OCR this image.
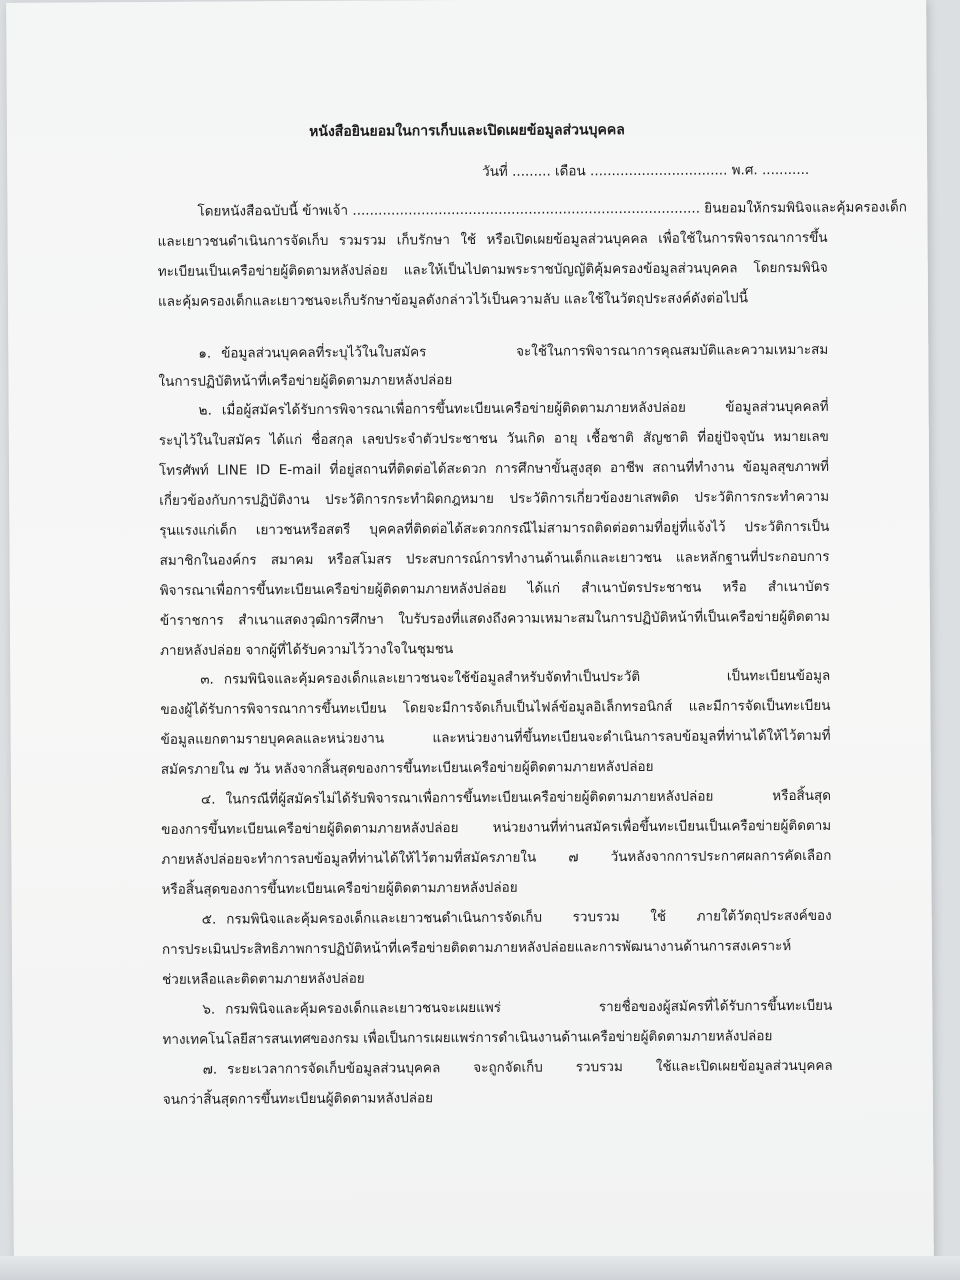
หนังสือยินยอมในการเก็บและเปิดเผยข้อมูลส่วนบุคคล
วันที่ ......... เดือน ................................ พ.ศ. ...........
โดยหนังสือฉบับนี้ ข้าพเจ้า ................................................................................. ยินยอมให้กรมพินิจและคุ้มครองเด็ก
และเยาวชนดำเนินการจัดเก็บ รวมรวม เก็บรักษา ใช้ หรือเปิดเผยข้อมูลส่วนบุคคล เพื่อใช้ในการพิจารณาการขึ้น
ทะเบียนเป็นเครือข่ายผู้ติดตามหลังปล่อย และให้เป็นไปตามพระราชบัญญัติคุ้มครองข้อมูลส่วนบุคคล โดยกรมพินิจ
และคุ้มครองเด็กและเยาวชนจะเก็บรักษาข้อมูลดังกล่าวไว้เป็นความลับ และใช้ในวัตถุประสงค์ดังต่อไปนี้
๑. ข้อมูลส่วนบุคคลที่ระบุไว้ในใบสมัคร จะใช้ในการพิจารณาการคุณสมบัติและความเหมาะสม
ในการปฏิบัติหน้าที่เครือข่ายผู้ติดตามภายหลังปล่อย
๒. เมื่อผู้สมัครได้รับการพิจารณาเพื่อการขึ้นทะเบียนเครือข่ายผู้ติดตามภายหลังปล่อย ข้อมูลส่วนบุคคลที่
ระบุไว้ในใบสมัคร ได้แก่ ชื่อสกุล เลขประจำตัวประชาชน วันเกิด อายุ เชื้อชาติ สัญชาติ ที่อยู่ปัจจุบัน หมายเลข
โทรศัพท์ LINE ID E-mail ที่อยู่สถานที่ติดต่อได้สะดวก การศึกษาขั้นสูงสุด อาชีพ สถานที่ทำงาน ข้อมูลสุขภาพที่
เกี่ยวข้องกับการปฏิบัติงาน ประวัติการกระทำผิดกฎหมาย ประวัติการเกี่ยวข้องยาเสพติด ประวัติการกระทำความ
รุนแรงแก่เด็ก เยาวชนหรือสตรี บุคคลที่ติดต่อได้สะดวกกรณีไม่สามารถติดต่อตามที่อยู่ที่แจ้งไว้ ประวัติการเป็น
สมาชิกในองค์กร สมาคม หรือสโมสร ประสบการณ์การทำงานด้านเด็กและเยาวชน และหลักฐานที่ประกอบการ
พิจารณาเพื่อการขึ้นทะเบียนเครือข่ายผู้ติดตามภายหลังปล่อย ได้แก่ สำเนาบัตรประชาชน หรือ สำเนาบัตร
ข้าราชการ สำเนาแสดงวุฒิการศึกษา ใบรับรองที่แสดงถึงความเหมาะสมในการปฏิบัติหน้าที่เป็นเครือข่ายผู้ติดตาม
ภายหลังปล่อย จากผู้ที่ได้รับความไว้วางใจในชุมชน
๓. กรมพินิจและคุ้มครองเด็กและเยาวชนจะใช้ข้อมูลสำหรับจัดทำเป็นประวัติ เป็นทะเบียนข้อมูล
ของผู้ได้รับการพิจารณาการขึ้นทะเบียน โดยจะมีการจัดเก็บเป็นไฟล์ข้อมูลอิเล็กทรอนิกส์ และมีการจัดเป็นทะเบียน
ข้อมูลแยกตามรายบุคคลและหน่วยงาน และหน่วยงานที่ขึ้นทะเบียนจะดำเนินการลบข้อมูลที่ท่านได้ให้ไว้ตามที่
สมัครภายใน ๗ วัน หลังจากสิ้นสุดของการขึ้นทะเบียนเครือข่ายผู้ติดตามภายหลังปล่อย
๔. ในกรณีที่ผู้สมัครไม่ได้รับพิจารณาเพื่อการขึ้นทะเบียนเครือข่ายผู้ติดตามภายหลังปล่อย หรือสิ้นสุด
ของการขึ้นทะเบียนเครือข่ายผู้ติดตามภายหลังปล่อย หน่วยงานที่ท่านสมัครเพื่อขึ้นทะเบียนเป็นเครือข่ายผู้ติดตาม
ภายหลังปล่อยจะทำการลบข้อมูลที่ท่านได้ให้ไว้ตามที่สมัครภายใน ๗ วันหลังจากการประกาศผลการคัดเลือก
หรือสิ้นสุดของการขึ้นทะเบียนเครือข่ายผู้ติดตามภายหลังปล่อย
๕. กรมพินิจและคุ้มครองเด็กและเยาวชนดำเนินการจัดเก็บ รวบรวม ใช้ ภายใต้วัตถุประสงค์ของ
การประเมินประสิทธิภาพการปฏิบัติหน้าที่เครือข่ายติดตามภายหลังปล่อยและการพัฒนางานด้านการสงเคราะห์
ช่วยเหลือและติดตามภายหลังปล่อย
๖. กรมพินิจและคุ้มครองเด็กและเยาวชนจะเผยแพร่ รายชื่อของผู้สมัครที่ได้รับการขึ้นทะเบียน
ทางเทคโนโลยีสารสนเทศของกรม เพื่อเป็นการเผยแพร่การดำเนินงานด้านเครือข่ายผู้ติดตามภายหลังปล่อย
๗. ระยะเวลาการจัดเก็บข้อมูลส่วนบุคคล จะถูกจัดเก็บ รวบรวม ใช้และเปิดเผยข้อมูลส่วนบุคคล
จนกว่าสิ้นสุดการขึ้นทะเบียนผู้ติดตามหลังปล่อย
